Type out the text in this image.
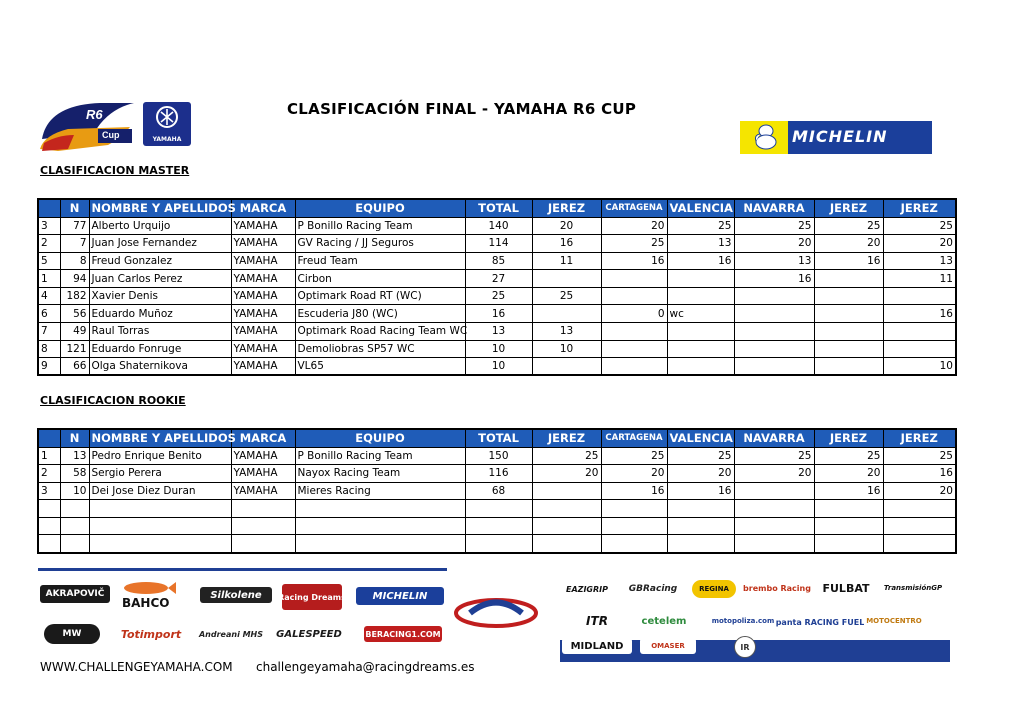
R6
Cup	YAMAHA
CLASIFICACIÓN FINAL - YAMAHA R6 CUP
MICHELIN
CLASIFICACION MASTER
	N	NOMBRE Y APELLIDOS	MARCA	EQUIPO	TOTAL	JEREZ	CARTAGENA	VALENCIA	NAVARRA	JEREZ	JEREZ
3	77	Alberto Urquijo	YAMAHA	P Bonillo Racing Team	140	20	20	25	25	25	25
2	7	Juan Jose Fernandez	YAMAHA	GV Racing / JJ Seguros	114	16	25	13	20	20	20
5	8	Freud Gonzalez	YAMAHA	Freud Team	85	11	16	16	13	16	13
1	94	Juan Carlos Perez	YAMAHA	Cirbon	27				16		11
4	182	Xavier Denis	YAMAHA	Optimark Road RT (WC)	25	25					
6	56	Eduardo Muñoz	YAMAHA	Escuderia J80 (WC)	16		0	wc			16
7	49	Raul Torras	YAMAHA	Optimark Road Racing Team WC	13	13					
8	121	Eduardo Fonruge	YAMAHA	Demoliobras SP57 WC	10	10					
9	66	Olga Shaternikova	YAMAHA	VL65	10						10
CLASIFICACION ROOKIE
	N	NOMBRE Y APELLIDOS	MARCA	EQUIPO	TOTAL	JEREZ	CARTAGENA	VALENCIA	NAVARRA	JEREZ	JEREZ
1	13	Pedro Enrique Benito	YAMAHA	P Bonillo Racing Team	150	25	25	25	25	25	25
2	58	Sergio Perera	YAMAHA	Nayox Racing Team	116	20	20	20	20	20	16
3	10	Dei Jose Diez Duran	YAMAHA	Mieres Racing	68		16	16		16	20

AKRAPOVIČ
BAHCO
Silkolene	Racing Dreams	MICHELIN
MW	Totimport	Andreani MHS	GALESPEED	BERACING1.COM
EAZIGRIP	GBRacing	REGINA	brembo Racing	FULBAT	TransmisiónGP
ITR	cetelem	motopoliza.com panta RACING FUEL MOTOCENTRO
MIDLAND	OMASER	IR
WWW.CHALLENGEYAMAHA.COM challengeyamaha@racingdreams.es
